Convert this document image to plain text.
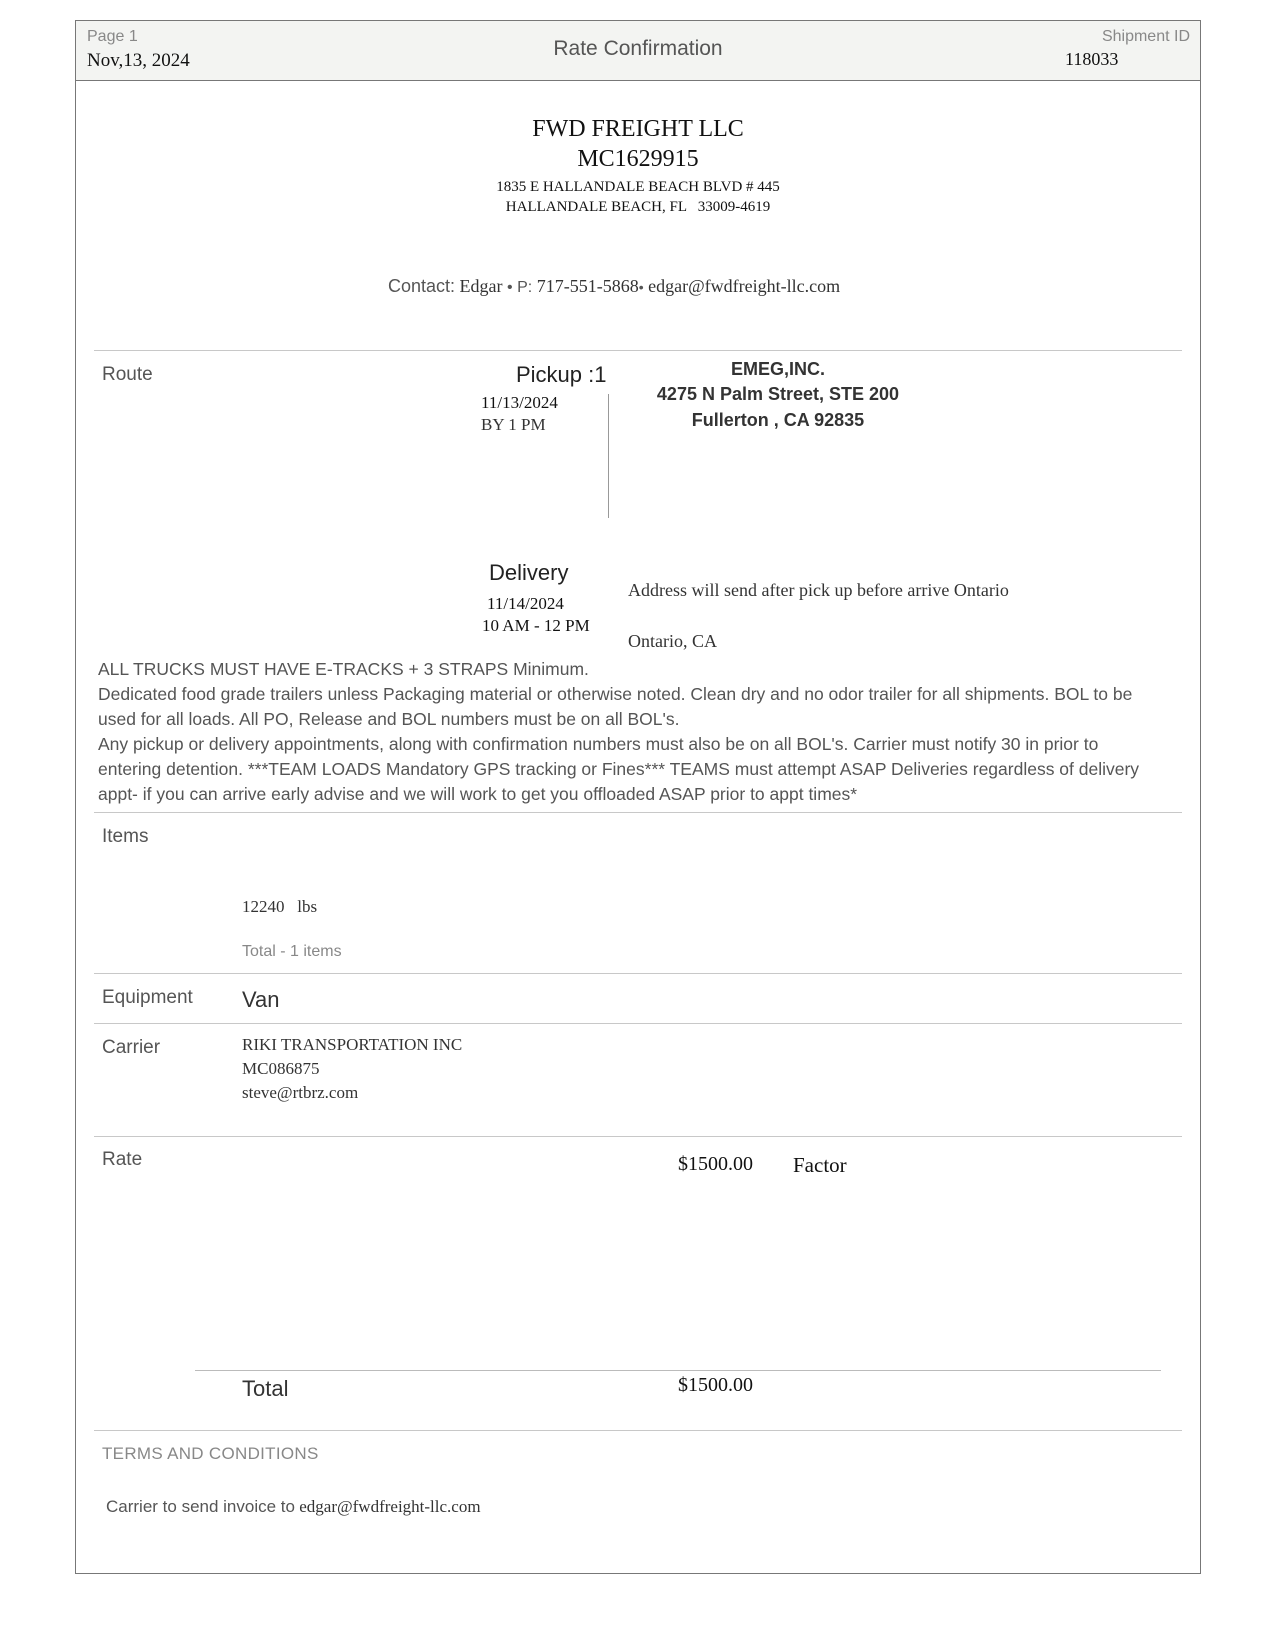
Page 1
Nov,13, 2024
Rate Confirmation
Shipment ID
118033
FWD FREIGHT LLC
MC1629915
1835 E HALLANDALE BEACH BLVD # 445
HALLANDALE BEACH, FL   33009-4619
Contact: Edgar • P: 717-551-5868• edgar@fwdfreight-llc.com
Route	Pickup :1
11/13/2024
BY 1 PM
EMEG,INC.
4275 N Palm Street, STE 200
Fullerton , CA 92835
Delivery
11/14/2024
10 AM - 12 PM
Address will send after pick up before arrive Ontario
Ontario, CA
ALL TRUCKS MUST HAVE E-TRACKS + 3 STRAPS Minimum.
Dedicated food grade trailers unless Packaging material or otherwise noted. Clean dry and no odor trailer for all shipments. BOL to be used for all loads. All PO, Release and BOL numbers must be on all BOL's.
Any pickup or delivery appointments, along with confirmation numbers must also be on all BOL's. Carrier must notify 30 in prior to entering detention. ***TEAM LOADS Mandatory GPS tracking or Fines*** TEAMS must attempt ASAP Deliveries regardless of delivery appt- if you can arrive early advise and we will work to get you offloaded ASAP prior to appt times*
Items
12240 lbs
Total - 1 items
Equipment Van
Carrier	RIKI TRANSPORTATION INC
MC086875
steve@rtbrz.com
Rate	$1500.00 Factor
Total	$1500.00
TERMS AND CONDITIONS
Carrier to send invoice to edgar@fwdfreight-llc.com
